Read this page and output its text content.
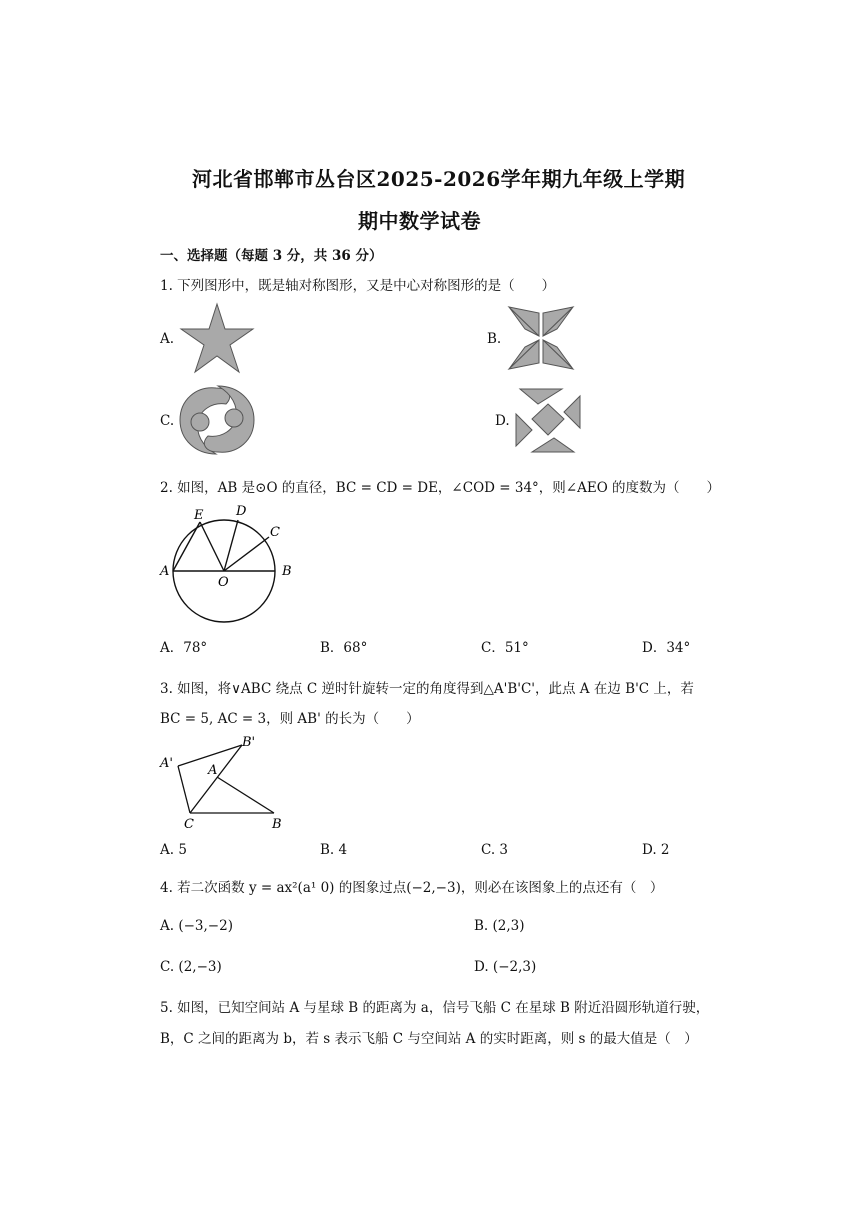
河北省邯郸市丛台区2025-2026学年期九年级上学期
期中数学试卷
一、选择题（每题 3 分，共 36 分）
1. 下列图形中，既是轴对称图形，又是中心对称图形的是（　　）
A.	B.
C.	D.
2. 如图，AB 是⊙O 的直径，BC = CD = DE，∠COD = 34°，则∠AEO 的度数为（　　）
E	D
C
A
O
B
A．78°	B．68°	C．51°	D．34°
3. 如图，将∨ABC 绕点 C 逆时针旋转一定的角度得到△A'B'C'，此点 A 在边 B'C 上，若
BC = 5, AC = 3，则 AB' 的长为（　　）
B'
A'	A
C	B
A. 5	B. 4	C. 3	D. 2
4. 若二次函数 y = ax²(a¹ 0) 的图象过点(−2,−3)，则必在该图象上的点还有（　）
A. (−3,−2)	B. (2,3)
C. (2,−3)	D. (−2,3)
5. 如图，已知空间站 A 与星球 B 的距离为 a，信号飞船 C 在星球 B 附近沿圆形轨道行驶，
B，C 之间的距离为 b，若 s 表示飞船 C 与空间站 A 的实时距离，则 s 的最大值是（　）
